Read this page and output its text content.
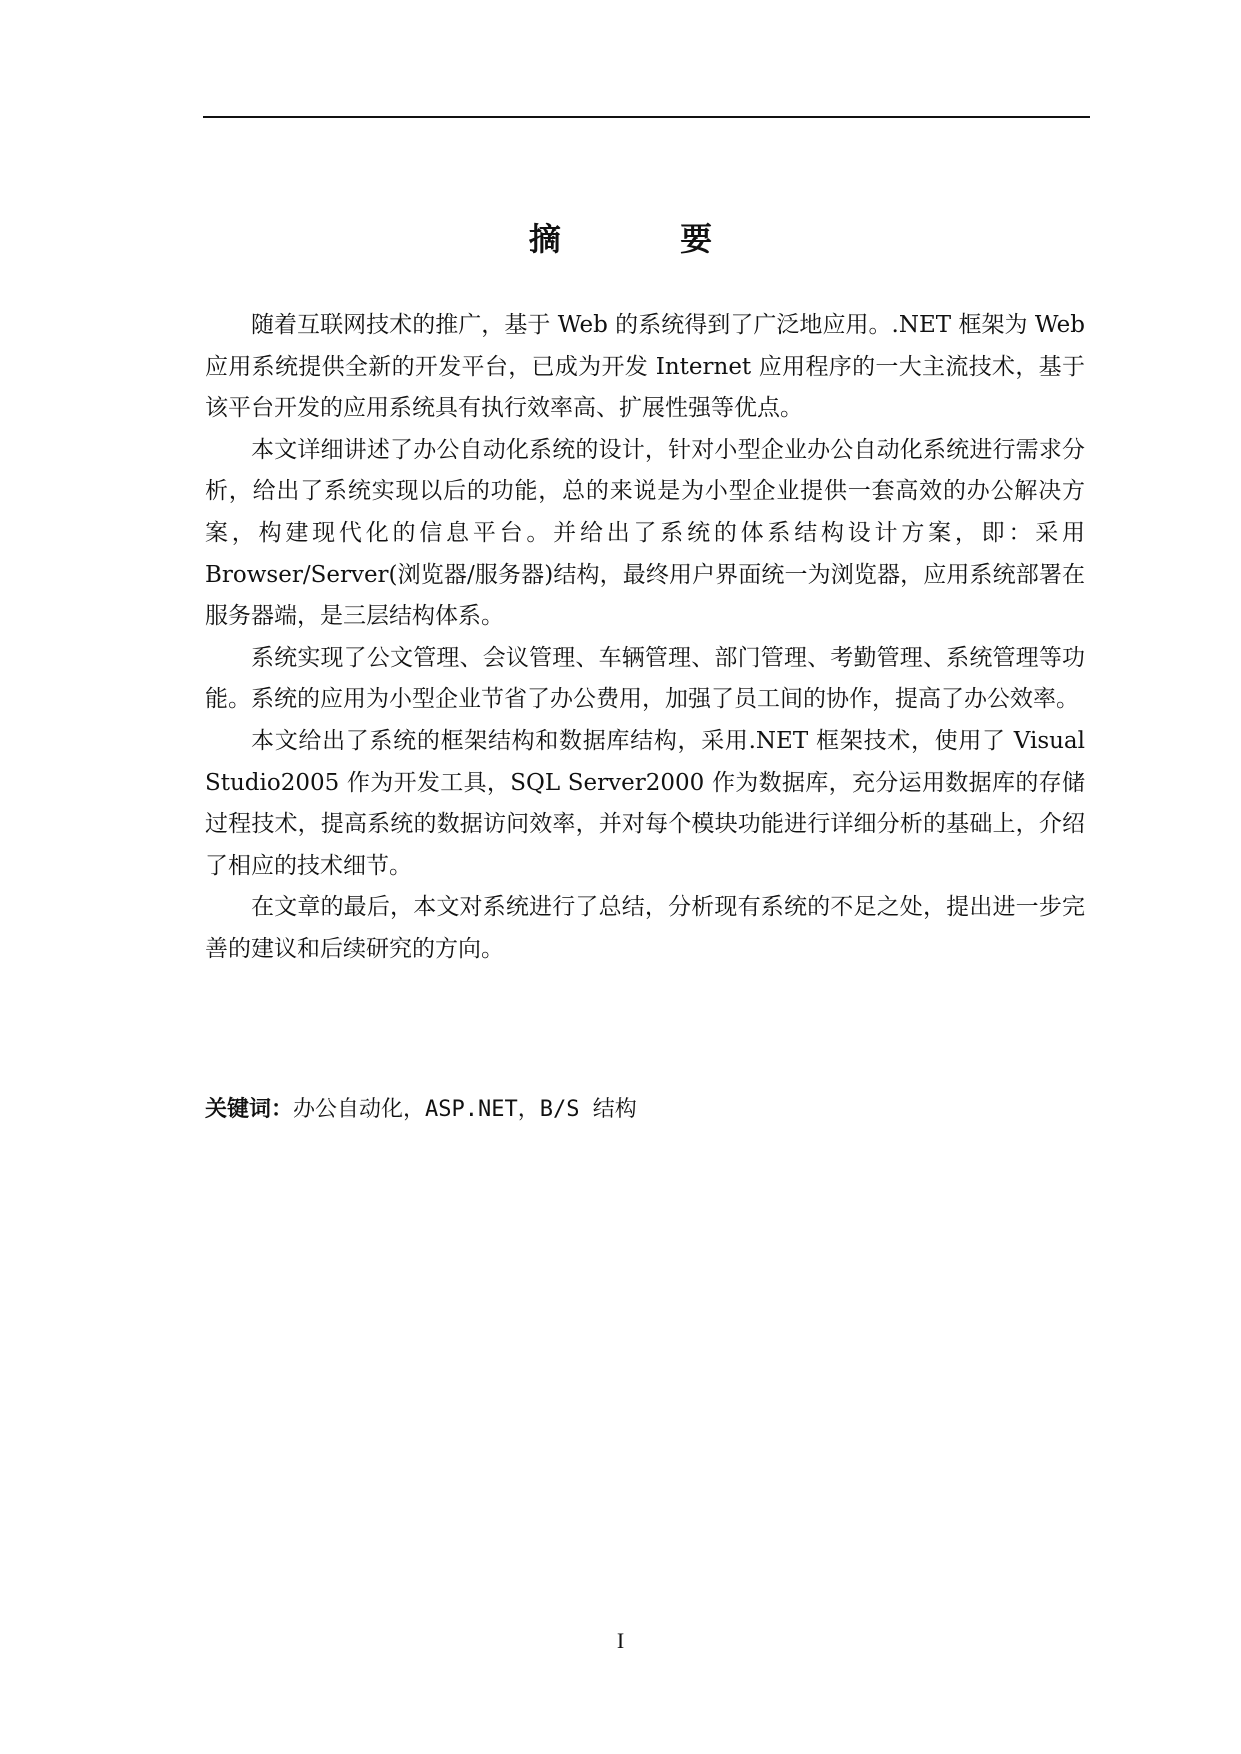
摘 要

随着互联网技术的推广，基于 Web 的系统得到了广泛地应用。.NET 框架为 Web 应用系统提供全新的开发平台，已成为开发 Internet 应用程序的一大主流技术，基于该平台开发的应用系统具有执行效率高、扩展性强等优点。

本文详细讲述了办公自动化系统的设计，针对小型企业办公自动化系统进行需求分析，给出了系统实现以后的功能，总的来说是为小型企业提供一套高效的办公解决方案，构建现代化的信息平台。并给出了系统的体系结构设计方案，即：采用 Browser/Server(浏览器/服务器)结构，最终用户界面统一为浏览器，应用系统部署在服务器端，是三层结构体系。

系统实现了公文管理、会议管理、车辆管理、部门管理、考勤管理、系统管理等功能。系统的应用为小型企业节省了办公费用，加强了员工间的协作，提高了办公效率。

本文给出了系统的框架结构和数据库结构，采用.NET 框架技术，使用了 Visual Studio2005 作为开发工具，SQL Server2000 作为数据库，充分运用数据库的存储过程技术，提高系统的数据访问效率，并对每个模块功能进行详细分析的基础上，介绍了相应的技术细节。

在文章的最后，本文对系统进行了总结，分析现有系统的不足之处，提出进一步完善的建议和后续研究的方向。

关键词：办公自动化，ASP.NET，B/S 结构
I
